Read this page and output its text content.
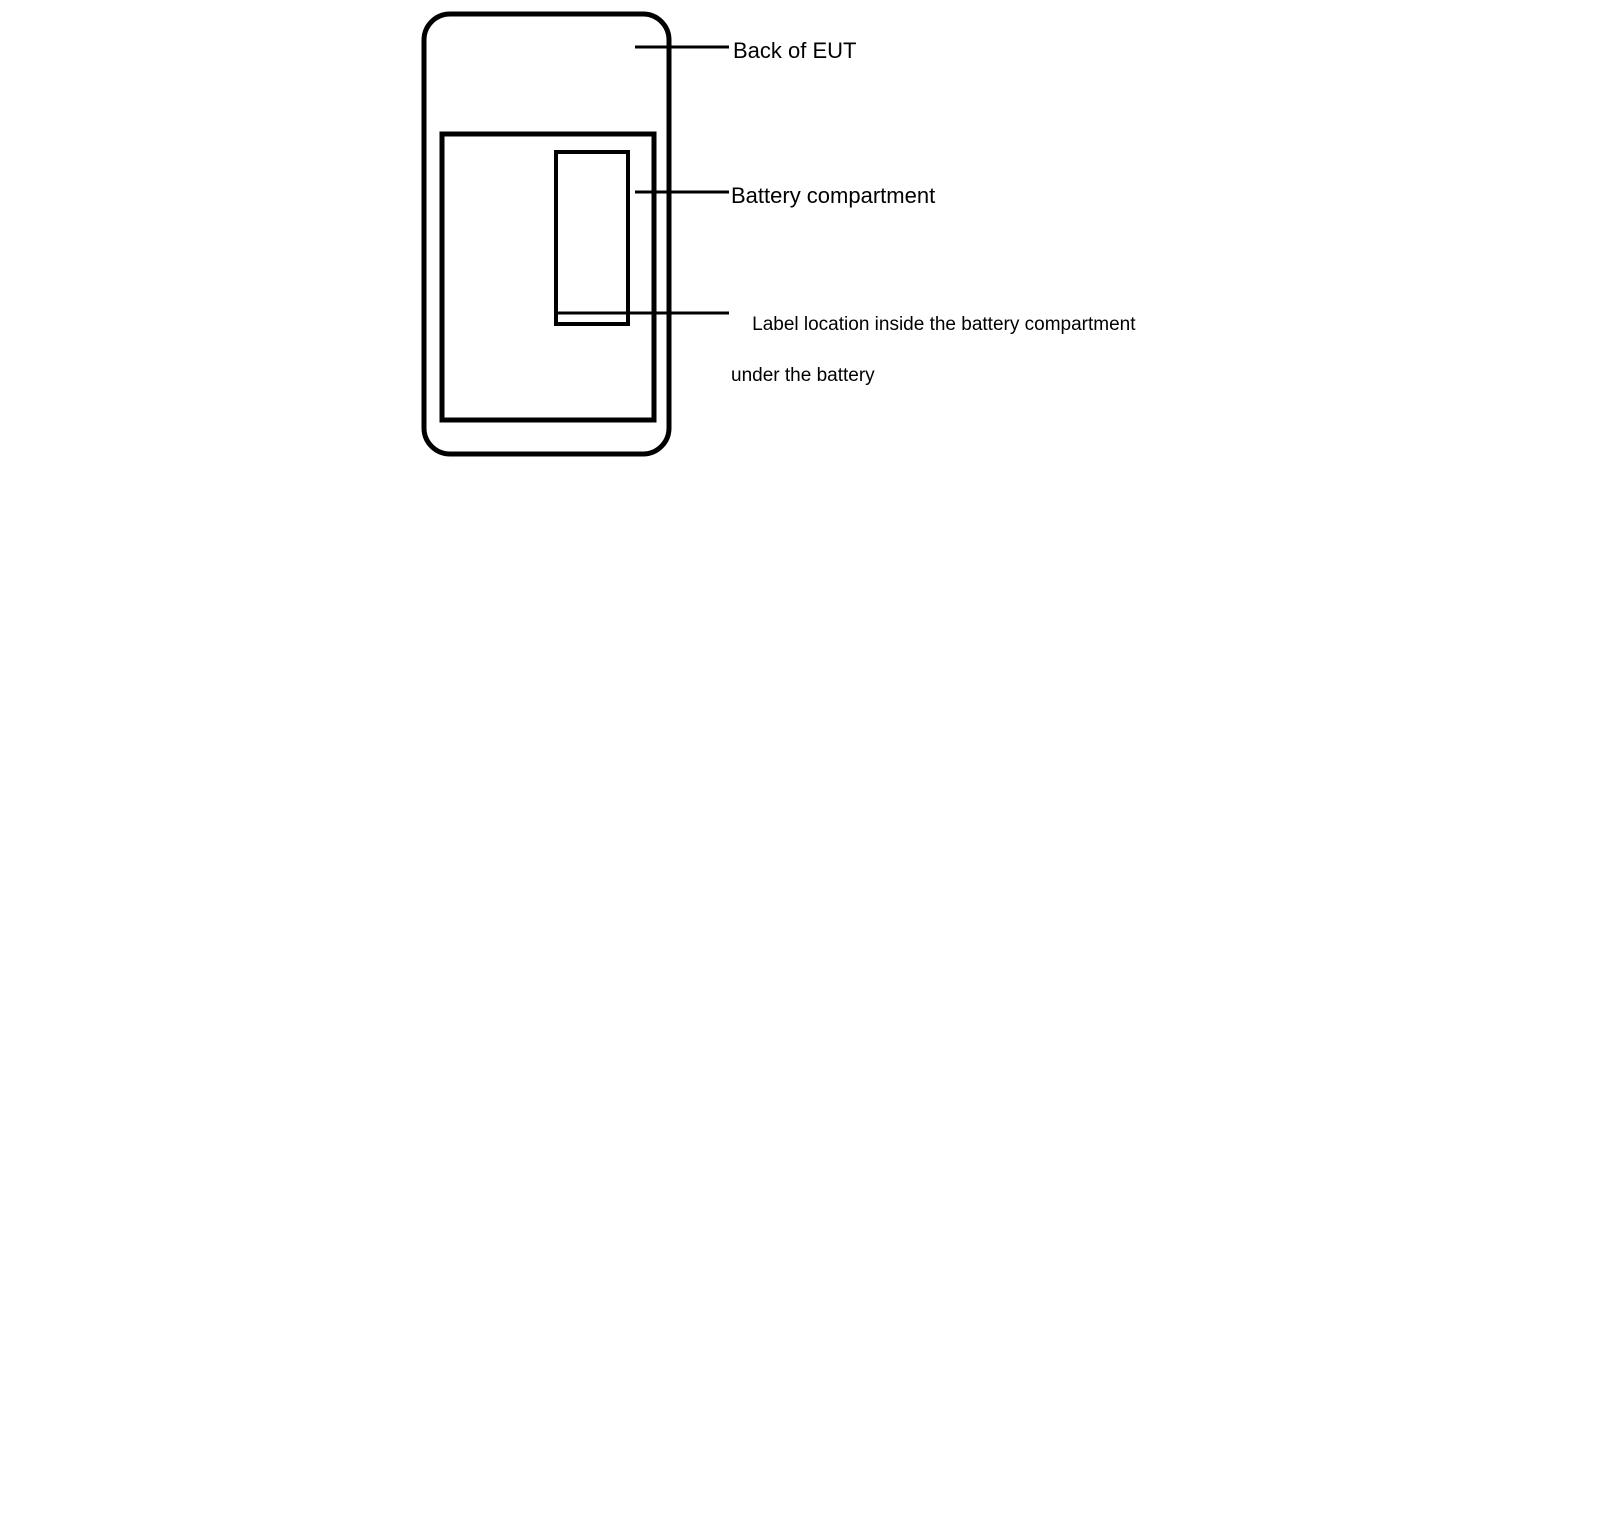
Back of EUT
Battery compartment

Label location inside the battery compartment

under the battery
